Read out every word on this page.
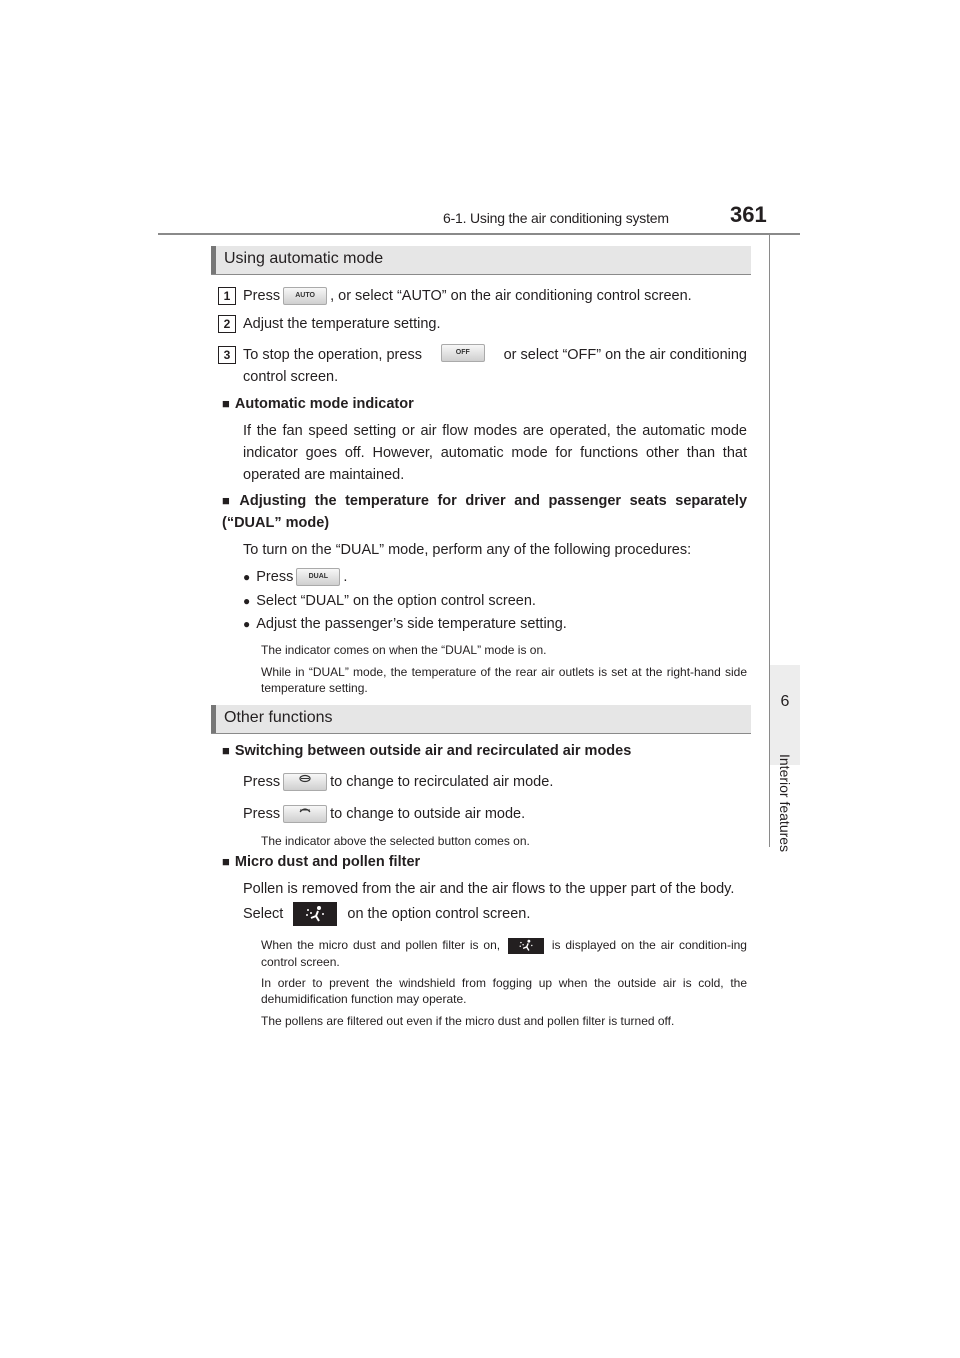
6-1. Using the air conditioning system	361
6
Interior features
Using automatic mode
1 Press AUTO , or select “AUTO” on the air conditioning control screen.
2 Adjust the temperature setting.
3 To stop the operation, press	OFF	or select “OFF” on the air conditioning
control screen.
■ Automatic mode indicator
If the fan speed setting or air flow modes are operated, the automatic mode indicator goes off. However, automatic mode for functions other than that operated are maintained.
■ Adjusting the temperature for driver and passenger seats separately (“DUAL” mode)
To turn on the “DUAL” mode, perform any of the following procedures:
● Press DUAL .
● Select “DUAL” on the option control screen.
● Adjust the passenger’s side temperature setting.
The indicator comes on when the “DUAL” mode is on.
While in “DUAL” mode, the temperature of the rear air outlets is set at the right-hand side temperature setting.
Other functions
■ Switching between outside air and recirculated air modes
Press	to change to recirculated air mode.
Press	to change to outside air mode.
The indicator above the selected button comes on.
■ Micro dust and pollen filter
Pollen is removed from the air and the air flows to the upper part of the body.
Select	on the option control screen.
When the micro dust and pollen filter is on,	is displayed on the air condition-ing control screen.
In order to prevent the windshield from fogging up when the outside air is cold, the dehumidification function may operate.
The pollens are filtered out even if the micro dust and pollen filter is turned off.
